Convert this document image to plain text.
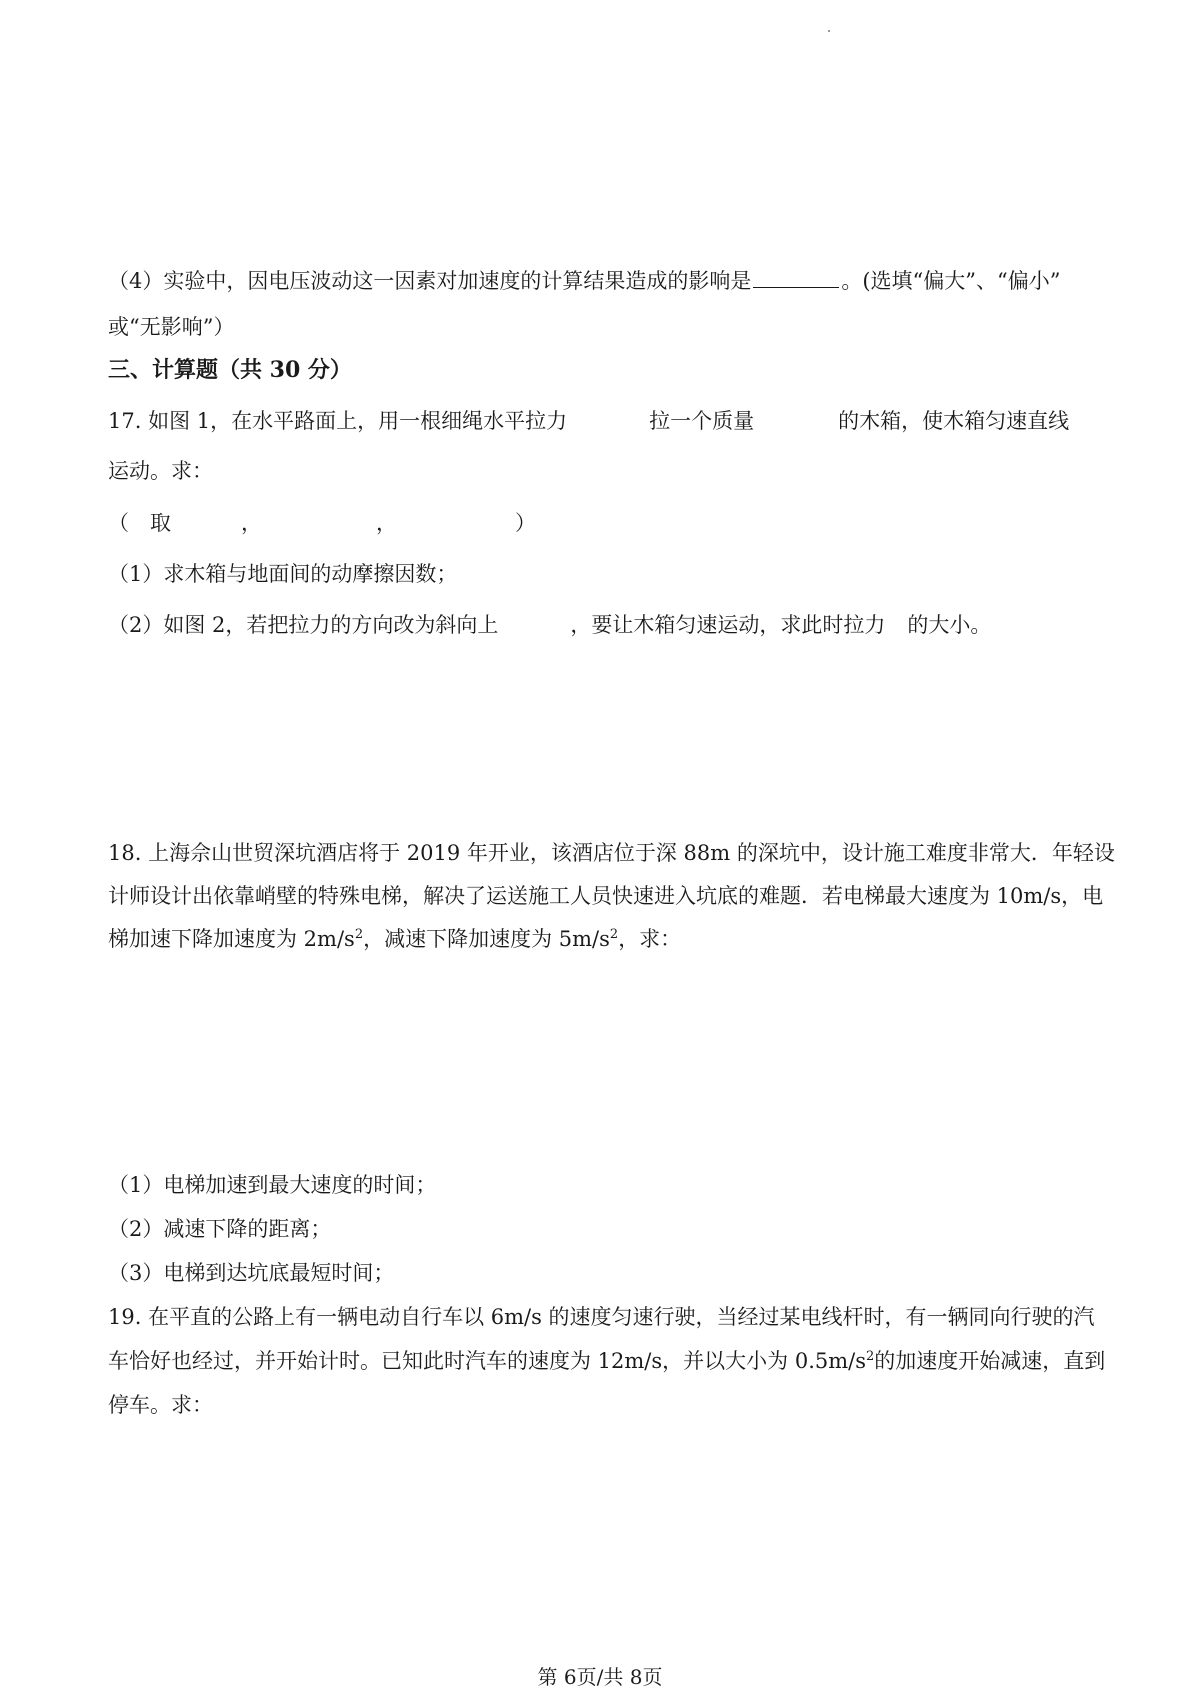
（4）实验中，因电压波动这一因素对加速度的计算结果造成的影响是	。(选填“偏大”、“偏小”
或“无影响”）
三、计算题（共 30 分）
17. 如图 1，在水平路面上，用一根细绳水平拉力	拉一个质量	的木箱，使木箱匀速直线
运动。求：
（　取	，	，	）
（1）求木箱与地面间的动摩擦因数；
（2）如图 2，若把拉力的方向改为斜向上	，要让木箱匀速运动，求此时拉力 的大小。
18. 上海佘山世贸深坑酒店将于 2019 年开业，该酒店位于深 88m 的深坑中，设计施工难度非常大．年轻设
计师设计出依靠峭壁的特殊电梯，解决了运送施工人员快速进入坑底的难题．若电梯最大速度为 10m/s，电
梯加速下降加速度为 $2m/s^2$，减速下降加速度为 $5m/s^2$，求：
（1）电梯加速到最大速度的时间；
（2）减速下降的距离；
（3）电梯到达坑底最短时间；
19. 在平直的公路上有一辆电动自行车以 6m/s 的速度匀速行驶，当经过某电线杆时，有一辆同向行驶的汽
车恰好也经过，并开始计时。已知此时汽车的速度为 12m/s，并以大小为 $0.5m/s^2$的加速度开始减速，直到
停车。求：
第 6页/共 8页
